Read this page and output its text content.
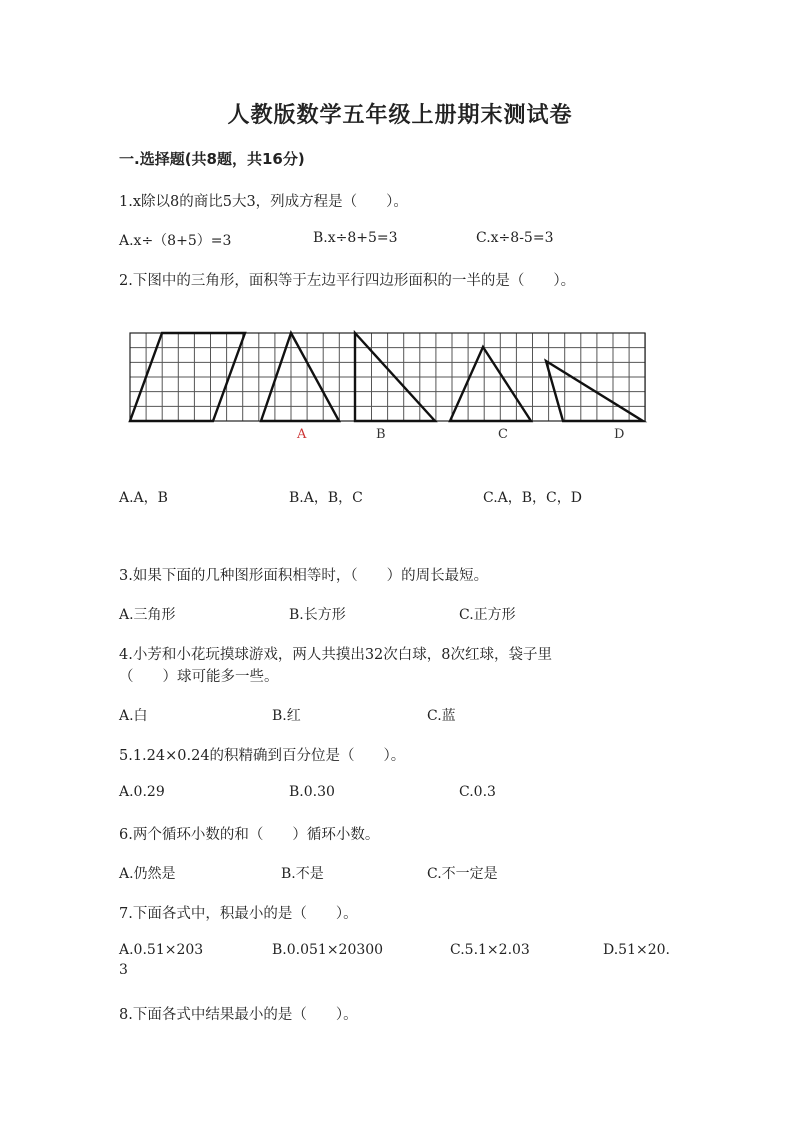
人教版数学五年级上册期末测试卷
一.选择题(共8题，共16分)
1.x除以8的商比5大3，列成方程是（　　）。
A.x÷（8+5）=3	B.x÷8+5=3	C.x÷8-5=3
2.下图中的三角形，面积等于左边平行四边形面积的一半的是（　　）。
A	B	C	D
A.A，B	B.A，B，C	C.A，B，C，D
3.如果下面的几种图形面积相等时，（　　）的周长最短。
A.三角形	B.长方形	C.正方形
4.小芳和小花玩摸球游戏，两人共摸出32次白球，8次红球，袋子里
（　　）球可能多一些。
A.白	B.红	C.蓝
5.1.24×0.24的积精确到百分位是（　　）。
A.0.29	B.0.30	C.0.3
6.两个循环小数的和（　　）循环小数。
A.仍然是	B.不是	C.不一定是
7.下面各式中，积最小的是（　　）。
A.0.51×203	B.0.051×20300	C.5.1×2.03	D.51×20.
3
8.下面各式中结果最小的是（　　）。
